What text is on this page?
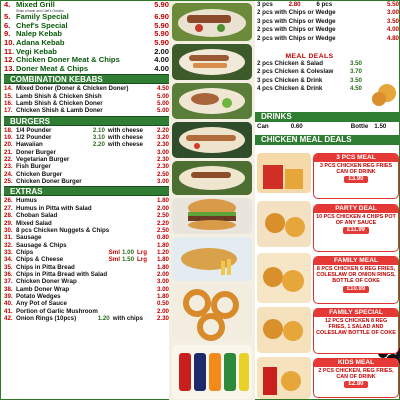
4. Mixed Grill	5.90
Shish of lamb and Chef's Chicken
5. Family Special	6.90
6. Chef's Special	5.90
9. Nalep Kebab	5.90
10. Adana Kebab	5.90
11. Vegi Kebab	2.00
12. Chicken Doner Meat & Chips	4.00
13. Doner Meat & Chips	4.00
COMBINATION KEBABS
14. Mixed Doner (Doner & Chicken Doner)	4.50
15. Lamb Shish & Chicken Shish	5.00
16. Lamb Shish & Chicken Doner	5.00
17. Chicken Shish & Lamb Doner	5.00
BURGERS
18. 1/4 Pounder	2.10 with cheese	2.20
19. 1/2 Pounder	3.10 with cheese	3.20
20. Hawaiian	2.20 with cheese	2.30
21. Doner Burger	3.00
22. Vegetarian Burger	2.30
23. Fish Burger	2.30
24. Chicken Burger	2.50
25. Chicken Doner Burger	3.00
EXTRAS
26. Humus	1.80
27. Humus in Pitta with Salad	2.00
28. Choban Salad	2.50
29. Mixed Salad	2.20
30. 8 pcs Chicken Nuggets & Chips	2.50
31. Sausage	0.80
32. Sausage & Chips	1.80
33. Chips	Sml 1.00 Lrg	1.20
34. Chips & Cheese	Sml 1.50 Lrg	1.80
35. Chips in Pitta Bread	1.80
36. Chips in Pitta Bread with Salad	2.00
37. Chicken Doner Wrap	3.00
38. Lamb Doner Wrap	3.00
39. Potato Wedges	1.80
40. Any Pot of Sauce	0.50
41. Portion of Garlic Mushroom	2.00
42. Onion Rings (10pcs)	1.20 with chips	2.30
3 pcs	2.80	6 pcs	5.50
2 pcs with Chips or Wedge	3.00
3 pcs with Chips or Wedge	3.50
2 pcs with Chips or Wedge	4.00
2 pcs with Chips or Wedge	4.80
MEAL DEALS
2 pcs Chicken & Salad	3.50
2 pcs Chicken & Coleslaw	3.70
3 pcs Chicken & Drink	3.50
4 pcs Chicken & Drink	4.50
DRINKS
Can	0.60	Bottle 1.50
CHICKEN MEAL DEALS
3 PCS MEAL
3 PCS CHICKEN REG FRIES CAN OF DRINK
£3.90
PARTY DEAL
10 PCS CHICKEN 4 CHIPS POT OF ANY SAUCE
£11.99
FAMILY MEAL
8 PCS CHICKEN 6 REG FRIES, COLESLAW OR ONION RINGS, BOTTLE OF COKE
£10.99
FAMILY SPECIAL
12 PCS CHICKEN 8 REG FRIES, 1 SALAD AND COLESLAW BOTTLE OF COKE
KIDS MEAL
2 PCS CHICKEN, REG FRIES, CAN OF DRINK
£2.80
